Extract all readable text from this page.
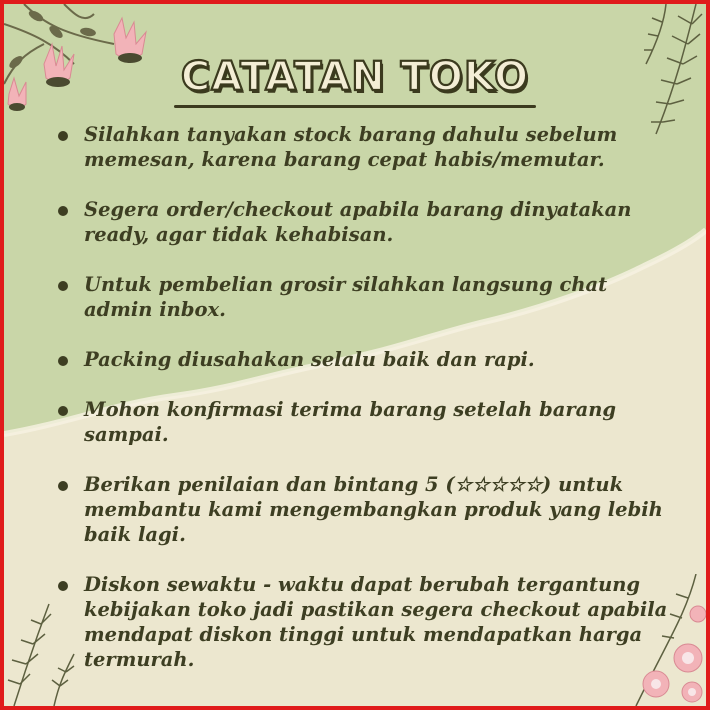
CATATAN TOKO
Silahkan tanyakan stock barang dahulu sebelum memesan, karena barang cepat habis/memutar.
Segera order/checkout apabila barang dinyatakan ready, agar tidak kehabisan.
Untuk pembelian grosir silahkan langsung chat admin inbox.
Packing diusahakan selalu baik dan rapi.
Mohon konfirmasi terima barang setelah barang sampai.
Berikan penilaian dan bintang 5 (☆☆☆☆☆) untuk membantu kami mengembangkan produk yang lebih baik lagi.
Diskon sewaktu - waktu dapat berubah tergantung kebijakan toko jadi pastikan segera checkout apabila mendapat diskon tinggi untuk mendapatkan harga termurah.
